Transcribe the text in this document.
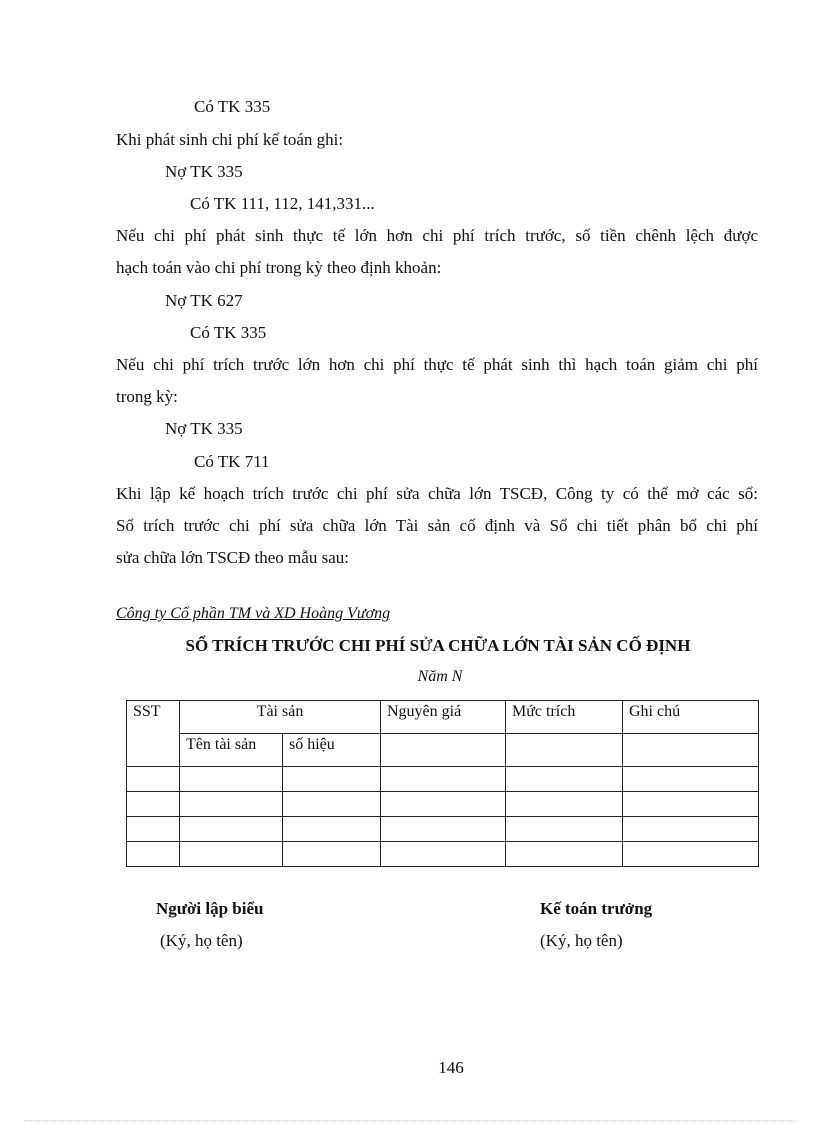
Có TK 335
Khi phát sinh chi phí kế toán ghi:
Nợ TK 335
Có TK 111, 112, 141,331...
Nếu chi phí phát sinh thực tế lớn hơn chi phí trích trước, số tiền chênh lệch được
hạch toán vào chi phí trong kỳ theo định khoản:
Nợ TK 627
Có TK 335
Nếu chi phí trích trước lớn hơn chi phí thực tế phát sinh thì hạch toán giảm chi phí
trong kỳ:
Nợ TK 335
Có TK 711
Khi lập kế hoạch trích trước chi phí sửa chữa lớn TSCĐ, Công ty có thể mở các sổ:
Sổ trích trước chi phí sửa chữa lớn Tài sản cố định và Sổ chi tiết phân bổ chi phí
sửa chữa lớn TSCĐ theo mẫu sau:
Công ty Cổ phần TM và XD Hoàng Vương
SỔ TRÍCH TRƯỚC CHI PHÍ SỬA CHỮA LỚN TÀI SẢN CỐ ĐỊNH
Năm N
SST	Tài sản		Nguyên giá	Mức trích	Ghi chú
	Tên tài sản	số hiệu			

Người lập biểu
(Ký, họ tên)
Kế toán trưởng
(Ký, họ tên)
146
